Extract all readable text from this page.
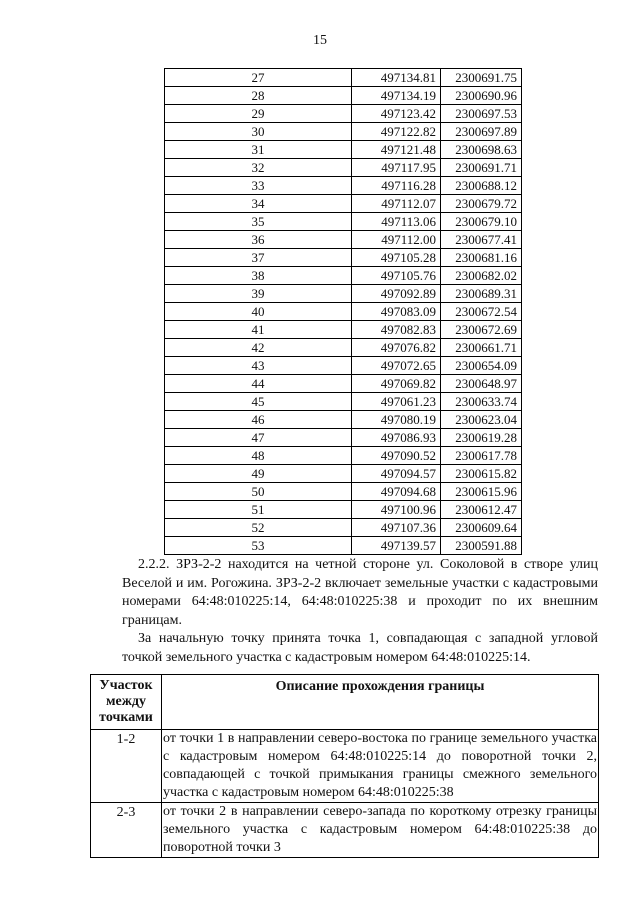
15
27	497134.81	2300691.75
28	497134.19	2300690.96
29	497123.42	2300697.53
30	497122.82	2300697.89
31	497121.48	2300698.63
32	497117.95	2300691.71
33	497116.28	2300688.12
34	497112.07	2300679.72
35	497113.06	2300679.10
36	497112.00	2300677.41
37	497105.28	2300681.16
38	497105.76	2300682.02
39	497092.89	2300689.31
40	497083.09	2300672.54
41	497082.83	2300672.69
42	497076.82	2300661.71
43	497072.65	2300654.09
44	497069.82	2300648.97
45	497061.23	2300633.74
46	497080.19	2300623.04
47	497086.93	2300619.28
48	497090.52	2300617.78
49	497094.57	2300615.82
50	497094.68	2300615.96
51	497100.96	2300612.47
52	497107.36	2300609.64
53	497139.57	2300591.88
2.2.2. ЗРЗ-2-2 находится на четной стороне ул. Соколовой в створе улиц Веселой и им. Рогожина. ЗРЗ-2-2 включает земельные участки с кадастровыми номерами 64:48:010225:14, 64:48:010225:38 и проходит по их внешним границам.
За начальную точку принята точка 1, совпадающая с западной угловой точкой земельного участка с кадастровым номером 64:48:010225:14.
Участок
между
точками	Описание прохождения границы
1-2	от точки 1 в направлении северо-востока по границе земельного участка с кадастровым номером 64:48:010225:14 до поворотной точки 2, совпадающей с точкой примыкания границы смежного земельного участка с кадастровым номером 64:48:010225:38
2-3	от точки 2 в направлении северо-запада по короткому отрезку границы земельного участка с кадастровым номером 64:48:010225:38 до поворотной точки 3
